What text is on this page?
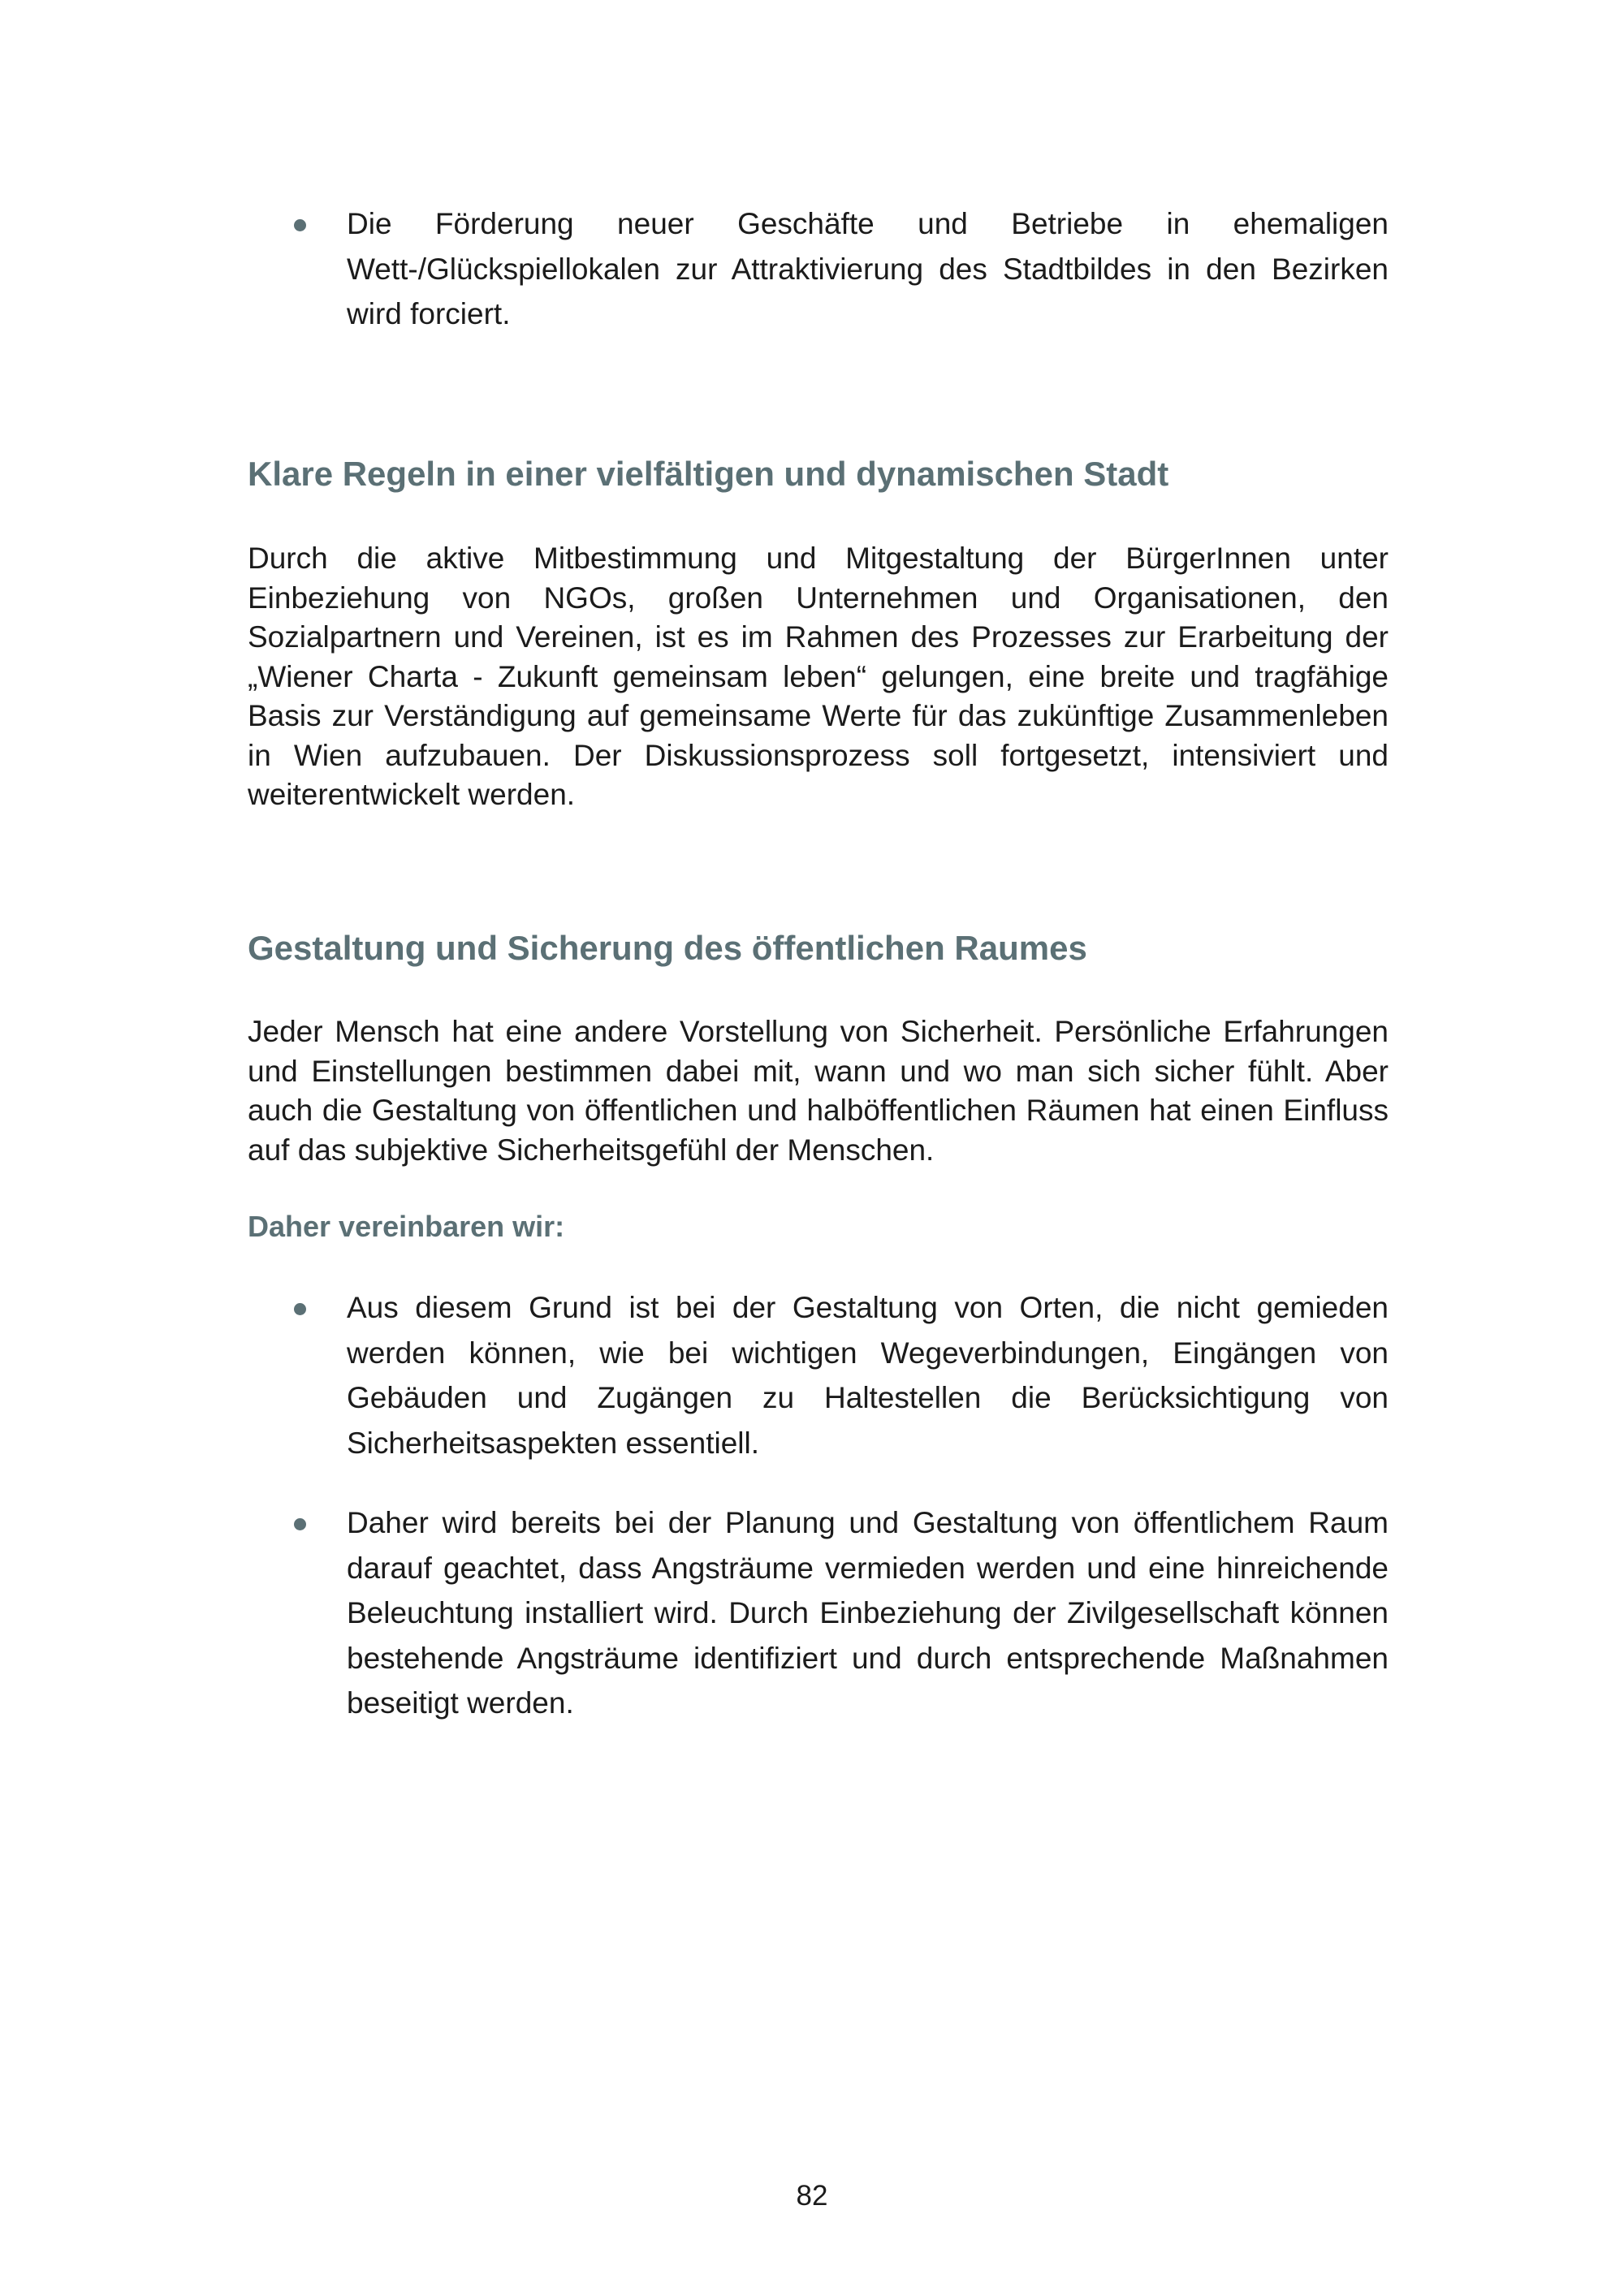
Die Förderung neuer Geschäfte und Betriebe in ehemaligen Wett-/Glückspiellokalen zur Attraktivierung des Stadtbildes in den Bezirken wird forciert.
Klare Regeln in einer vielfältigen und dynamischen Stadt

Durch die aktive Mitbestimmung und Mitgestaltung der BürgerInnen unter Einbeziehung von NGOs, großen Unternehmen und Organisationen, den Sozialpartnern und Vereinen, ist es im Rahmen des Prozesses zur Erarbeitung der „Wiener Charta - Zukunft gemeinsam leben“ gelungen, eine breite und tragfähige Basis zur Verständigung auf gemeinsame Werte für das zukünftige Zusammenleben in Wien aufzubauen. Der Diskussionsprozess soll fortgesetzt, intensiviert und weiterentwickelt werden.

Gestaltung und Sicherung des öffentlichen Raumes

Jeder Mensch hat eine andere Vorstellung von Sicherheit. Persönliche Erfahrungen und Einstellungen bestimmen dabei mit, wann und wo man sich sicher fühlt. Aber auch die Gestaltung von öffentlichen und halböffentlichen Räumen hat einen Einfluss auf das subjektive Sicherheitsgefühl der Menschen.

Daher vereinbaren wir:

Aus diesem Grund ist bei der Gestaltung von Orten, die nicht gemieden werden können, wie bei wichtigen Wegeverbindungen, Eingängen von Gebäuden und Zugängen zu Haltestellen die Berücksichtigung von Sicherheitsaspekten essentiell.
Daher wird bereits bei der Planung und Gestaltung von öffentlichem Raum darauf geachtet, dass Angsträume vermieden werden und eine hinreichende Beleuchtung installiert wird. Durch Einbeziehung der Zivilgesellschaft können bestehende Angsträume identifiziert und durch entsprechende Maßnahmen beseitigt werden.
82
